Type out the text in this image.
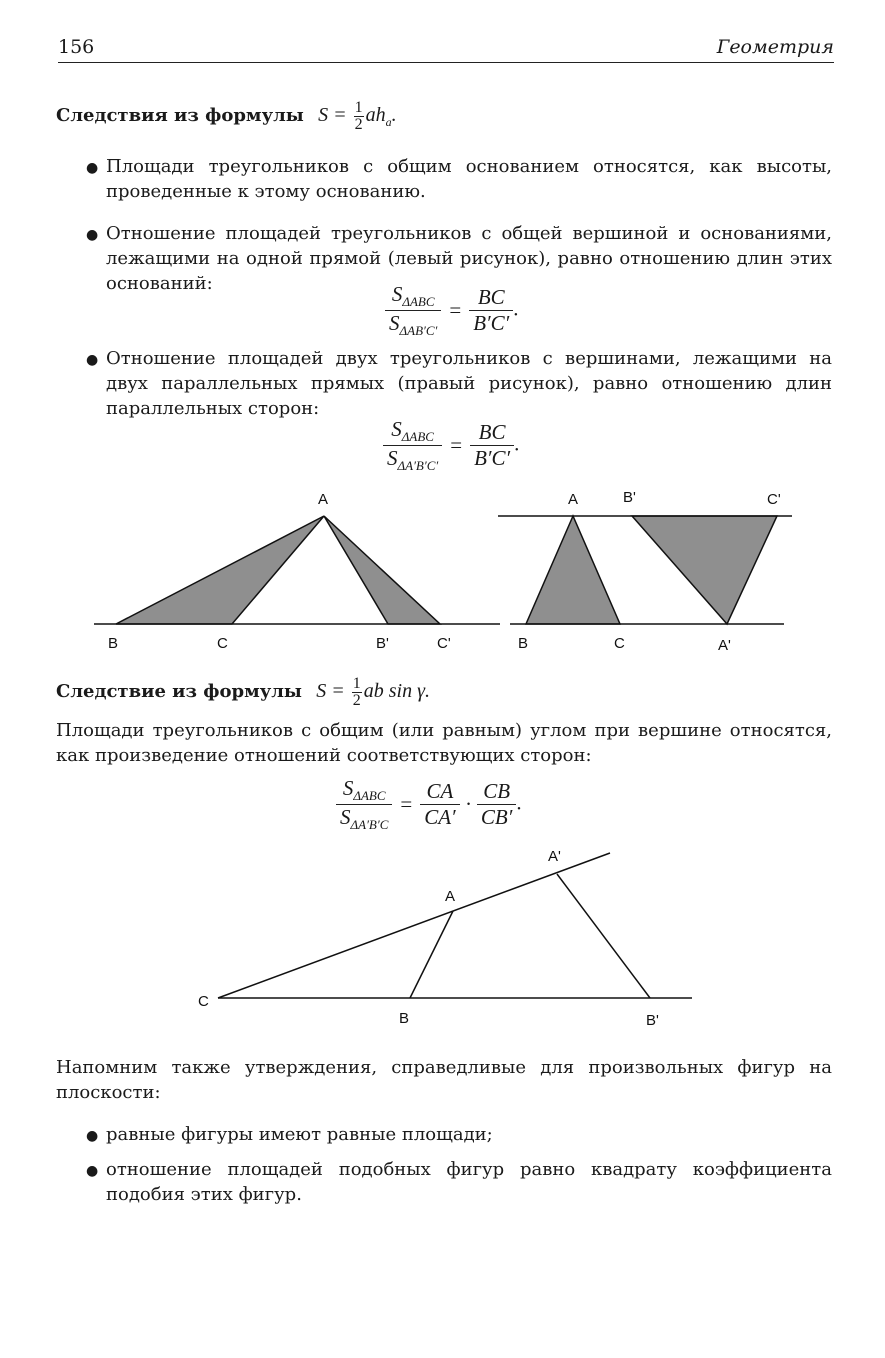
156	Геометрия
Следствия из формулы $S = \frac{1}{2} ah_a$.
● Площади треугольников с общим основанием относятся, как высоты, проведенные к этому основанию.
● Отношение площадей треугольников с общей вершиной и основаниями, лежащими на одной прямой (левый рисунок), равно отношению длин этих оснований:	$\frac{S_{\Delta ABC}}{S_{\Delta AB'C'}} = \frac{BC}{B'C'}$ .
● Отношение площадей двух треугольников с вершинами, лежащими на двух параллельных прямых (правый рисунок), равно отношению длин параллельных сторон:
$\frac{S_{\Delta ABC}}{S_{\Delta A'B'C'}} = \frac{BC}{B'C'}$ .
A
B	C	B'	C'
A	B'	C'
B	C	A'
Следствие из формулы $S = \frac{1}{2}$ ab sin γ.
Площади треугольников с общим (или равным) углом при вершине относятся, как произведение отношений соответствующих сторон:
$\frac{S_{\Delta ABC}}{S_{\Delta A'B'C}} = \frac{CA}{CA'} \cdot \frac{CB}{CB'}$ .
A'
A
C
B	B'
Напомним также утверждения, справедливые для произвольных фигур на плоскости:
● равные фигуры имеют равные площади;
● отношение площадей подобных фигур равно квадрату коэффициента подобия этих фигур.
